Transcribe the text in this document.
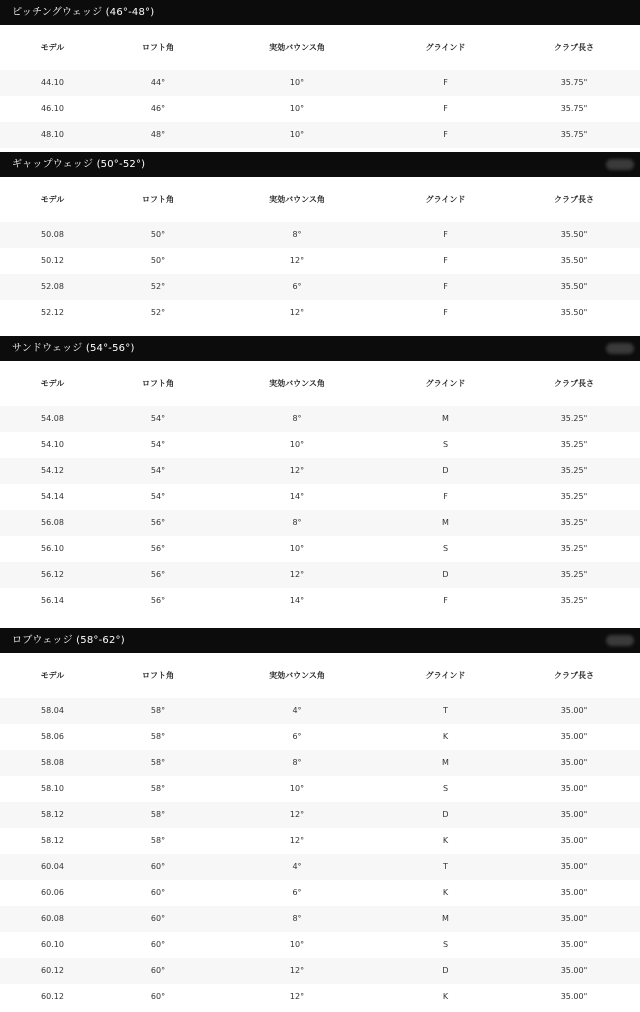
ピッチングウェッジ (46°-48°)
モデル	ロフト角	実効バウンス角	グラインド	クラブ長さ
44.10	44°	10°	F	35.75"
46.10	46°	10°	F	35.75"
48.10	48°	10°	F	35.75"
ギャップウェッジ (50°-52°)
モデル	ロフト角	実効バウンス角	グラインド	クラブ長さ
50.08	50°	8°	F	35.50"
50.12	50°	12°	F	35.50"
52.08	52°	6°	F	35.50"
52.12	52°	12°	F	35.50"
サンドウェッジ (54°-56°)
モデル	ロフト角	実効バウンス角	グラインド	クラブ長さ
54.08	54°	8°	M	35.25"
54.10	54°	10°	S	35.25"
54.12	54°	12°	D	35.25"
54.14	54°	14°	F	35.25"
56.08	56°	8°	M	35.25"
56.10	56°	10°	S	35.25"
56.12	56°	12°	D	35.25"
56.14	56°	14°	F	35.25"
ロブウェッジ (58°-62°)
モデル	ロフト角	実効バウンス角	グラインド	クラブ長さ
58.04	58°	4°	T	35.00"
58.06	58°	6°	K	35.00"
58.08	58°	8°	M	35.00"
58.10	58°	10°	S	35.00"
58.12	58°	12°	D	35.00"
58.12	58°	12°	K	35.00"
60.04	60°	4°	T	35.00"
60.06	60°	6°	K	35.00"
60.08	60°	8°	M	35.00"
60.10	60°	10°	S	35.00"
60.12	60°	12°	D	35.00"
60.12	60°	12°	K	35.00"
